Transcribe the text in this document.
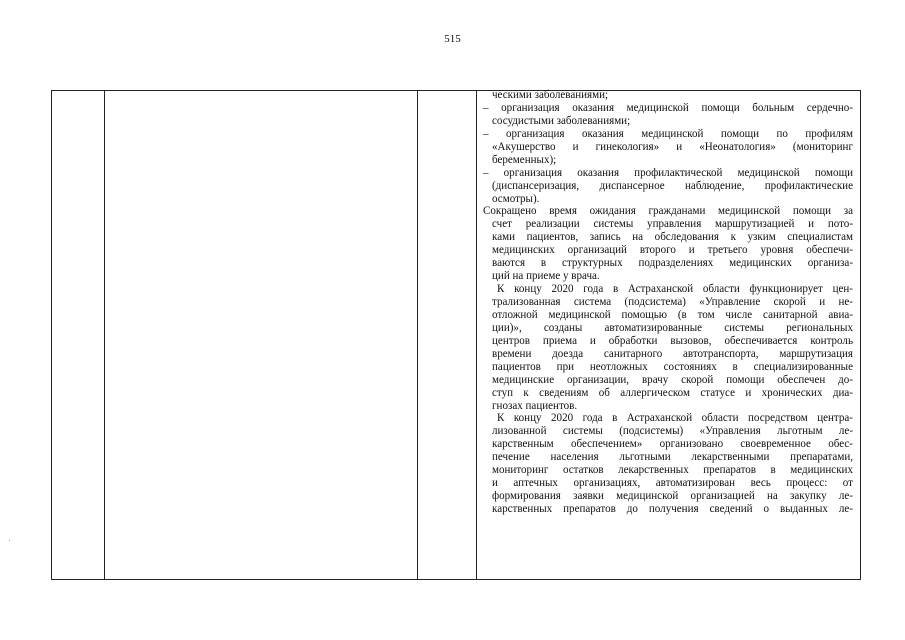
515
ческими заболеваниями;
– организация оказания медицинской помощи больным сердечно-
сосудистыми заболеваниями;
– организация оказания медицинской помощи по профилям
«Акушерство и гинекология» и «Неонатология» (мониторинг
беременных);
– организация оказания профилактической медицинской помощи
(диспансеризация, диспансерное наблюдение, профилактические
осмотры).
Сокращено время ожидания гражданами медицинской помощи за
счет реализации системы управления маршрутизацией и пото-
ками пациентов, запись на обследования к узким специалистам
медицинских организаций второго и третьего уровня обеспечи-
ваются в структурных подразделениях медицинских организа-
ций на приеме у врача.
К концу 2020 года в Астраханской области функционирует цен-
трализованная система (подсистема) «Управление скорой и не-
отложной медицинской помощью (в том числе санитарной авиа-
ции)», созданы автоматизированные системы региональных
центров приема и обработки вызовов, обеспечивается контроль
времени доезда санитарного автотранспорта, маршрутизация
пациентов при неотложных состояниях в специализированные
медицинские организации, врачу скорой помощи обеспечен до-
ступ к сведениям об аллергическом статусе и хронических диа-
гнозах пациентов.
К концу 2020 года в Астраханской области посредством центра-
лизованной системы (подсистемы) «Управления льготным ле-
карственным обеспечением» организовано своевременное обес-
печение населения льготными лекарственными препаратами,
мониторинг остатков лекарственных препаратов в медицинских
и аптечных организациях, автоматизирован весь процесс: от
формирования заявки медицинской организацией на закупку ле-
карственных препаратов до получения сведений о выданных ле-
